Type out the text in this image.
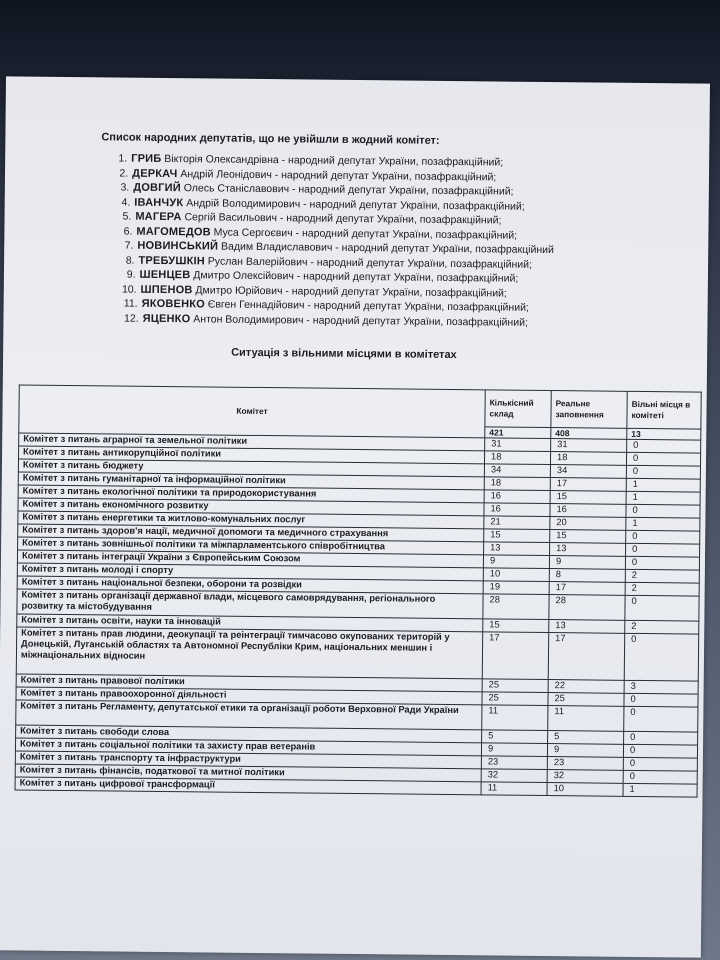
Список народних депутатів, що не увійшли в жодний комітет:
1. ГРИБ Вікторія Олександрівна - народний депутат України, позафракційний;
2. ДЕРКАЧ Андрій Леонідович - народний депутат України, позафракційний;
3. ДОВГИЙ Олесь Станіславович - народний депутат України, позафракційний;
4. ІВАНЧУК Андрій Володимирович - народний депутат України, позафракційний;
5. МАГЕРА Сергій Васильович - народний депутат України, позафракційний;
6. МАГОМЕДОВ Муса Сергоєвич - народний депутат України, позафракційний;
7. НОВИНСЬКИЙ Вадим Владиславович - народний депутат України, позафракційний
8. ТРЕБУШКІН Руслан Валерійович - народний депутат України, позафракційний;
9. ШЕНЦЕВ Дмитро Олексійович - народний депутат України, позафракційний;
10. ШПЕНОВ Дмитро Юрійович - народний депутат України, позафракційний;
11. ЯКОВЕНКО Євген Геннадійович - народний депутат України, позафракційний;
12. ЯЦЕНКО Антон Володимирович - народний депутат України, позафракційний;
Ситуація з вільними місцями в комітетах
Комітет	Кількісний склад	Реальне заповнення	Вільні місця в комітеті
	421	408	13
Комітет з питань аграрної та земельної політики	31	31	0
Комітет з питань антикорупційної політики	18	18	0
Комітет з питань бюджету	34	34	0
Комітет з питань гуманітарної та інформаційної політики	18	17	1
Комітет з питань екологічної політики та природокористування	16	15	1
Комітет з питань економічного розвитку	16	16	0
Комітет з питань енергетики та житлово-комунальних послуг	21	20	1
Комітет з питань здоров'я нації, медичної допомоги та медичного страхування	15	15	0
Комітет з питань зовнішньої політики та міжпарламентського співробітництва	13	13	0
Комітет з питань інтеграції України з Європейським Союзом	9	9	0
Комітет з питань молоді і спорту	10	8	2
Комітет з питань національної безпеки, оборони та розвідки	19	17	2
Комітет з питань організації державної влади, місцевого самоврядування, регіонального розвитку та містобудування	28	28	0
Комітет з питань освіти, науки та інновацій	15	13	2
Комітет з питань прав людини, деокупації та реінтеграції тимчасово окупованих територій у Донецькій, Луганській областях та Автономної Республіки Крим, національних меншин і міжнаціональних відносин	17	17	0
Комітет з питань правової політики	25	22	3
Комітет з питань правоохоронної діяльності	25	25	0
Комітет з питань Регламенту, депутатської етики та організації роботи Верховної Ради України	11	11	0
Комітет з питань свободи слова	5	5	0
Комітет з питань соціальної політики та захисту прав ветеранів	9	9	0
Комітет з питань транспорту та інфраструктури	23	23	0
Комітет з питань фінансів, податкової та митної політики	32	32	0
Комітет з питань цифрової трансформації	11	10	1
